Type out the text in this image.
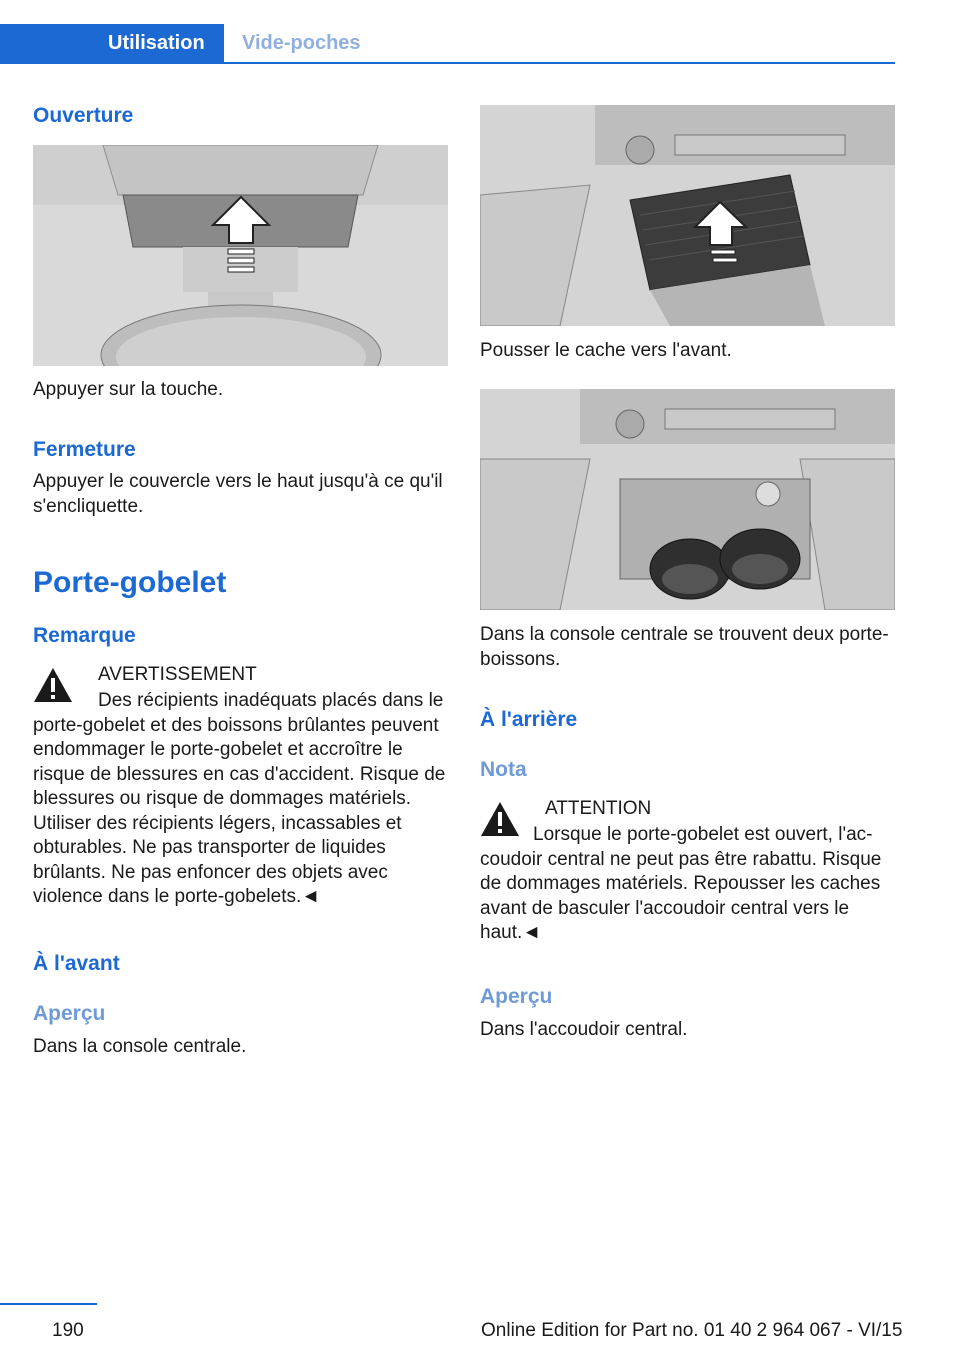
Utilisation	Vide-poches
Ouverture
Appuyer sur la touche.
Fermeture
Appuyer le couvercle vers le haut jusqu'à ce qu'il s'encliquette.
Porte-gobelet
Remarque
AVERTISSEMENT
Des récipients inadéquats placés dans le porte-gobelet et des boissons brûlantes peuvent endommager le porte-gobelet et accroître le risque de blessures en cas d'accident. Risque de blessures ou risque de dommages matériels. Utiliser des récipients légers, incassables et obturables. Ne pas transporter de liquides brûlants. Ne pas enfoncer des objets avec violence dans le porte-gobelets.◄
À l'avant
Aperçu
Dans la console centrale.
Pousser le cache vers l'avant.
Dans la console centrale se trouvent deux porte-boissons.
À l'arrière
Nota
ATTENTION
Lorsque le porte-gobelet est ouvert, l'accoudoir central ne peut pas être rabattu. Risque de dommages matériels. Repousser les caches avant de basculer l'accoudoir central vers le haut.◄
Aperçu
Dans l'accoudoir central.
190	Online Edition for Part no. 01 40 2 964 067 - VI/15
